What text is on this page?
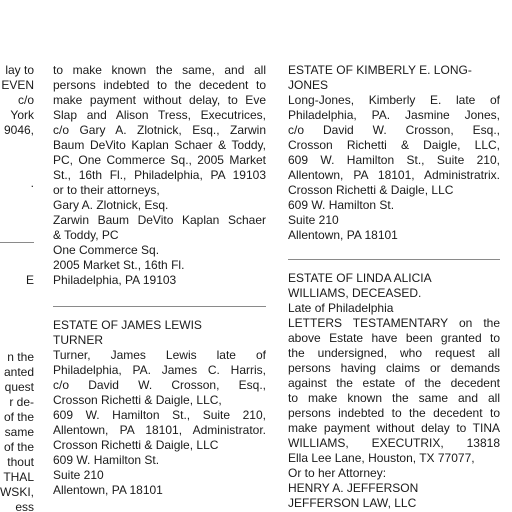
lay to
EVEN
c/o
York
9046,
.
E
n the
anted
quest
r de-
of the
same
of the
thout
THAL
WSKI,
ess
to make known the same, and all
persons indebted to the decedent to
make payment without delay, to Eve
Slap and Alison Tress, Executrices,
c/o Gary A. Zlotnick, Esq., Zarwin
Baum DeVito Kaplan Schaer & Toddy,
PC, One Commerce Sq., 2005 Market
St., 16th Fl., Philadelphia, PA 19103
or to their attorneys,
Gary A. Zlotnick, Esq.
Zarwin Baum DeVito Kaplan Schaer
& Toddy, PC
One Commerce Sq.
2005 Market St., 16th Fl.
Philadelphia, PA 19103
ESTATE OF JAMES LEWIS
TURNER
Turner, James Lewis late of
Philadelphia, PA. James C. Harris,
c/o David W. Crosson, Esq.,
Crosson Richetti & Daigle, LLC,
609 W. Hamilton St., Suite 210,
Allentown, PA 18101, Administrator.
Crosson Richetti & Daigle, LLC
609 W. Hamilton St.
Suite 210
Allentown, PA 18101
ESTATE OF KIMBERLY E. LONG-
JONES
Long-Jones, Kimberly E. late of
Philadelphia, PA. Jasmine Jones,
c/o David W. Crosson, Esq.,
Crosson Richetti & Daigle, LLC,
609 W. Hamilton St., Suite 210,
Allentown, PA 18101, Administratrix.
Crosson Richetti & Daigle, LLC
609 W. Hamilton St.
Suite 210
Allentown, PA 18101
ESTATE OF LINDA ALICIA
WILLIAMS, DECEASED.
Late of Philadelphia
LETTERS TESTAMENTARY on the
above Estate have been granted to
the undersigned, who request all
persons having claims or demands
against the estate of the decedent
to make known the same and all
persons indebted to the decedent to
make payment without delay to TINA
WILLIAMS, EXECUTRIX, 13818
Ella Lee Lane, Houston, TX 77077,
Or to her Attorney:
HENRY A. JEFFERSON
JEFFERSON LAW, LLC
